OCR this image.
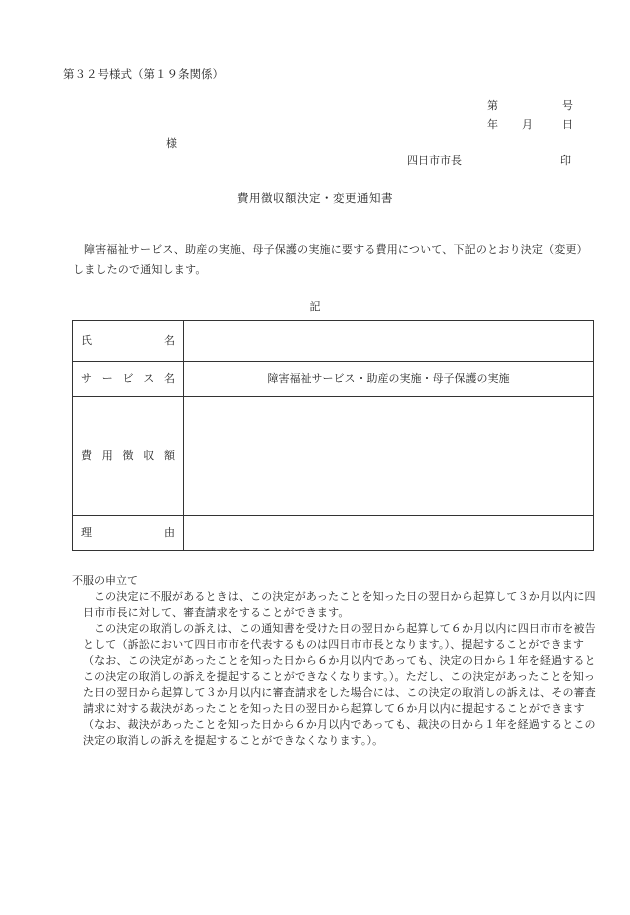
第３２号様式（第１９条関係）
第	号
年 月	日
様
四日市市長	印
費用徴収額決定・変更通知書
障害福祉サービス、助産の実施、母子保護の実施に要する費用について、下記のとおり決定（変更）しましたので通知します。
記
氏名	
サービス名	障害福祉サービス・助産の実施・母子保護の実施
費用徴収額	
理由	

不服の申立て

この決定に不服があるときは、この決定があったことを知った日の翌日から起算して３か月以内に四日市市長に対して、審査請求をすることができます。

この決定の取消しの訴えは、この通知書を受けた日の翌日から起算して６か月以内に四日市市を被告として（訴訟において四日市市を代表するものは四日市市長となります。）、提起することができます（なお、この決定があったことを知った日から６か月以内であっても、決定の日から１年を経過するとこの決定の取消しの訴えを提起することができなくなります。）。ただし、この決定があったことを知った日の翌日から起算して３か月以内に審査請求をした場合には、この決定の取消しの訴えは、その審査請求に対する裁決があったことを知った日の翌日から起算して６か月以内に提起することができます（なお、裁決があったことを知った日から６か月以内であっても、裁決の日から１年を経過するとこの決定の取消しの訴えを提起することができなくなります。）。
